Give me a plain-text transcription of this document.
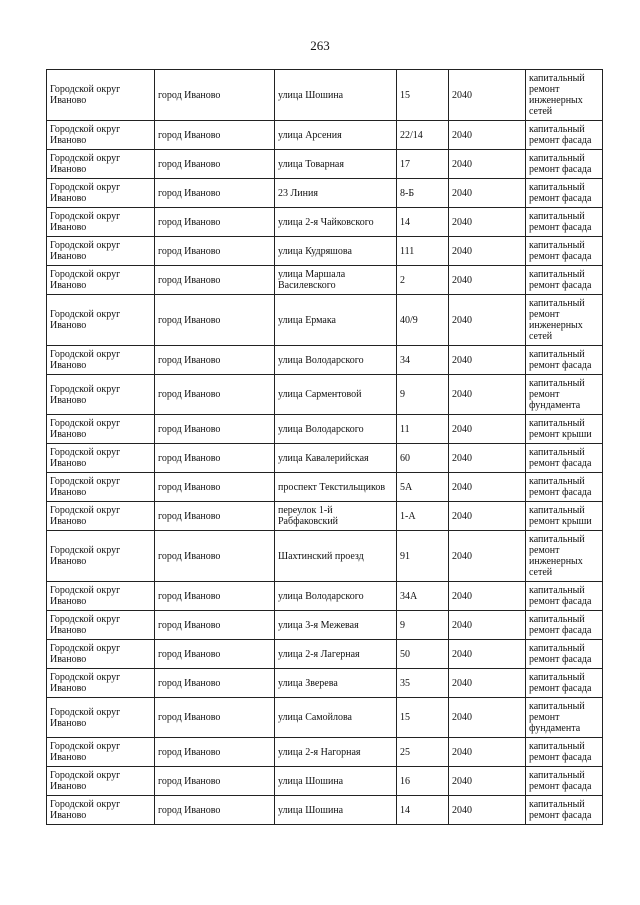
263
Городской округ Иваново	город Иваново	улица Шошина	15	2040	капитальный ремонт инженерных сетей
Городской округ Иваново	город Иваново	улица Арсения	22/14	2040	капитальный ремонт фасада
Городской округ Иваново	город Иваново	улица Товарная	17	2040	капитальный ремонт фасада
Городской округ Иваново	город Иваново	23 Линия	8-Б	2040	капитальный ремонт фасада
Городской округ Иваново	город Иваново	улица 2-я Чайковского	14	2040	капитальный ремонт фасада
Городской округ Иваново	город Иваново	улица Кудряшова	111	2040	капитальный ремонт фасада
Городской округ Иваново	город Иваново	улица Маршала Василевского	2	2040	капитальный ремонт фасада
Городской округ Иваново	город Иваново	улица Ермака	40/9	2040	капитальный ремонт инженерных сетей
Городской округ Иваново	город Иваново	улица Володарского	34	2040	капитальный ремонт фасада
Городской округ Иваново	город Иваново	улица Сарментовой	9	2040	капитальный ремонт фундамента
Городской округ Иваново	город Иваново	улица Володарского	11	2040	капитальный ремонт крыши
Городской округ Иваново	город Иваново	улица Кавалерийская	60	2040	капитальный ремонт фасада
Городской округ Иваново	город Иваново	проспект Текстильщиков	5А	2040	капитальный ремонт фасада
Городской округ Иваново	город Иваново	переулок 1-й Рабфаковский	1-А	2040	капитальный ремонт крыши
Городской округ Иваново	город Иваново	Шахтинский проезд	91	2040	капитальный ремонт инженерных сетей
Городской округ Иваново	город Иваново	улица Володарского	34А	2040	капитальный ремонт фасада
Городской округ Иваново	город Иваново	улица 3-я Межевая	9	2040	капитальный ремонт фасада
Городской округ Иваново	город Иваново	улица 2-я Лагерная	50	2040	капитальный ремонт фасада
Городской округ Иваново	город Иваново	улица Зверева	35	2040	капитальный ремонт фасада
Городской округ Иваново	город Иваново	улица Самойлова	15	2040	капитальный ремонт фундамента
Городской округ Иваново	город Иваново	улица 2-я Нагорная	25	2040	капитальный ремонт фасада
Городской округ Иваново	город Иваново	улица Шошина	16	2040	капитальный ремонт фасада
Городской округ Иваново	город Иваново	улица Шошина	14	2040	капитальный ремонт фасада
